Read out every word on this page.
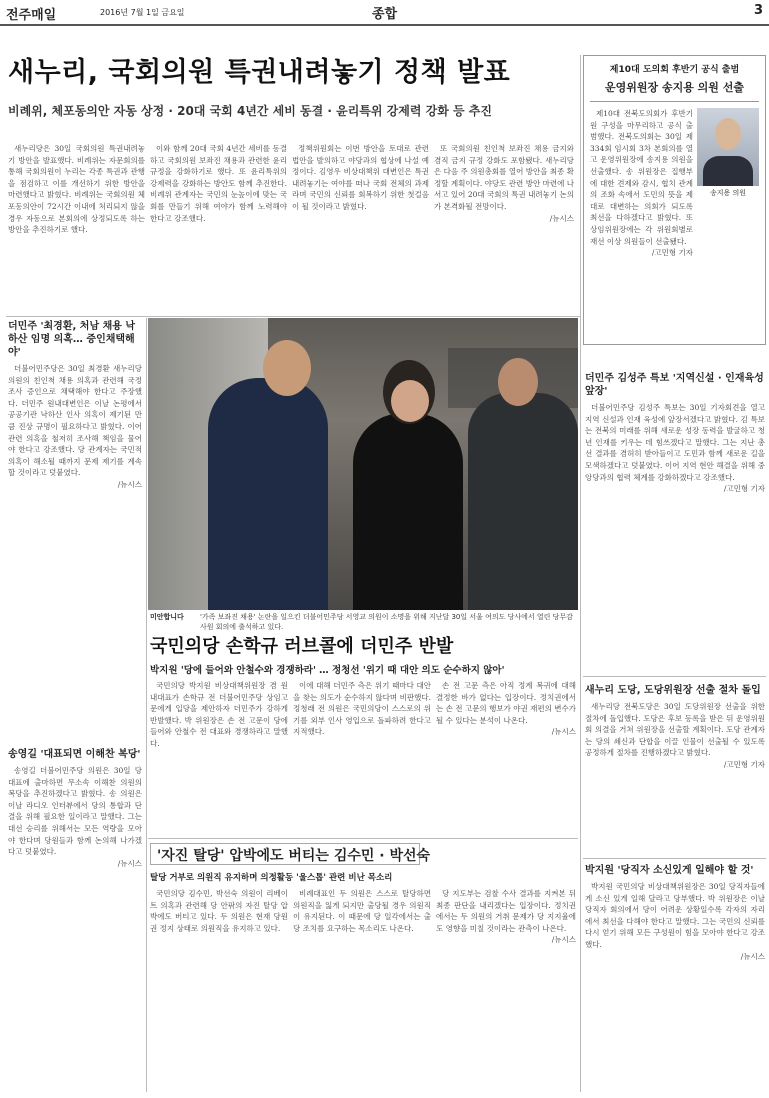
전주매일	2016년 7월 1일 금요일	종합	3
새누리, 국회의원 특권내려놓기 정책 발표
비례위, 체포동의안 자동 상정 · 20대 국회 4년간 세비 동결 · 윤리특위 강제력 강화 등 추진

새누리당은 30일 국회의원 특권내려놓기 방안을 발표했다. 비례위는 자문회의를 통해 국회의원이 누리는 각종 특권과 관행을 점검하고 이를 개선하기 위한 방안을 마련했다고 밝혔다. 비례위는 국회의원 체포동의안이 72시간 이내에 처리되지 않을 경우 자동으로 본회의에 상정되도록 하는 방안을 추진하기로 했다.

이와 함께 20대 국회 4년간 세비를 동결하고 국회의원 보좌진 채용과 관련한 윤리 규정을 강화하기로 했다. 또 윤리특위의 강제력을 강화하는 방안도 함께 추진한다. 비례위 관계자는 국민의 눈높이에 맞는 국회를 만들기 위해 여야가 함께 노력해야 한다고 강조했다.

정책위원회는 이번 방안을 토대로 관련 법안을 발의하고 야당과의 협상에 나설 예정이다. 김영우 비상대책위 대변인은 특권 내려놓기는 여야를 떠나 국회 전체의 과제라며 국민의 신뢰를 회복하기 위한 첫걸음이 될 것이라고 밝혔다.

또 국회의원 친인척 보좌진 채용 금지와 겸직 금지 규정 강화도 포함됐다. 새누리당은 다음 주 의원총회를 열어 방안을 최종 확정할 계획이다. 야당도 관련 방안 마련에 나서고 있어 20대 국회의 특권 내려놓기 논의가 본격화될 전망이다.

/뉴시스
제10대 도의회 후반기 공식 출범
운영위원장 송지용 의원 선출
송지용 의원

제10대 전북도의회가 후반기 원 구성을 마무리하고 공식 출범했다. 전북도의회는 30일 제334회 임시회 3차 본회의를 열고 운영위원장에 송지용 의원을 선출했다. 송 위원장은 집행부에 대한 견제와 감시, 협치 관계의 조화 속에서 도민의 뜻을 제대로 대변하는 의회가 되도록 최선을 다하겠다고 밝혔다. 또 상임위원장에는 각 위원회별로 재선 이상 의원들이 선출됐다.

/고민형 기자
더민주 '최경환, 처남 채용 낙하산 임명 의혹… 증인채택해야'

더불어민주당은 30일 최경환 새누리당 의원의 친인척 채용 의혹과 관련해 국정조사 증인으로 채택해야 한다고 주장했다. 더민주 원내대변인은 이날 논평에서 공공기관 낙하산 인사 의혹이 제기된 만큼 진상 규명이 필요하다고 밝혔다. 이어 관련 의혹을 철저히 조사해 책임을 물어야 한다고 강조했다. 당 관계자는 국민적 의혹이 해소될 때까지 문제 제기를 계속할 것이라고 덧붙였다.

/뉴시스
송영길 '대표되면 이해찬 복당'

송영길 더불어민주당 의원은 30일 당 대표에 출마하면 무소속 이해찬 의원의 복당을 추진하겠다고 밝혔다. 송 의원은 이날 라디오 인터뷰에서 당의 통합과 단결을 위해 필요한 일이라고 말했다. 그는 대선 승리를 위해서는 모든 역량을 모아야 한다며 당원들과 함께 논의해 나가겠다고 덧붙였다.

/뉴시스
미안합니다 '가족 보좌진 채용' 논란을 일으킨 더불어민주당 서영교 의원이 소명을 위해 지난달 30일 서울 여의도 당사에서 열린 당무감사원 회의에 출석하고 있다.
국민의당 손학규 러브콜에 더민주 반발
박지원 '당에 들어와 안철수와 경쟁하라' … 정청선 '위기 때 대안 의도 순수하지 않아'

국민의당 박지원 비상대책위원장 겸 원내대표가 손학규 전 더불어민주당 상임고문에게 입당을 제안하자 더민주가 강하게 반발했다. 박 위원장은 손 전 고문이 당에 들어와 안철수 전 대표와 경쟁하라고 말했다.

이에 대해 더민주 측은 위기 때마다 대안을 찾는 의도가 순수하지 않다며 비판했다. 정청래 전 의원은 국민의당이 스스로의 위기를 외부 인사 영입으로 돌파하려 한다고 지적했다.

손 전 고문 측은 아직 정계 복귀에 대해 결정한 바가 없다는 입장이다. 정치권에서는 손 전 고문의 행보가 야권 재편의 변수가 될 수 있다는 분석이 나온다.

/뉴시스
'자진 탈당' 압박에도 버티는 김수민 · 박선숙
탈당 거부로 의원직 유지하며 의정활동 '울스톱' 관련 비난 목소리

국민의당 김수민, 박선숙 의원이 리베이트 의혹과 관련해 당 안팎의 자진 탈당 압박에도 버티고 있다. 두 의원은 현재 당원권 정지 상태로 의원직을 유지하고 있다.

비례대표인 두 의원은 스스로 탈당하면 의원직을 잃게 되지만 출당될 경우 의원직이 유지된다. 이 때문에 당 일각에서는 출당 조치를 요구하는 목소리도 나온다.

당 지도부는 검찰 수사 결과를 지켜본 뒤 최종 판단을 내리겠다는 입장이다. 정치권에서는 두 의원의 거취 문제가 당 지지율에도 영향을 미칠 것이라는 관측이 나온다.

/뉴시스
더민주 김성주 특보 '지역신설 · 인재육성 앞장'

더불어민주당 김성주 특보는 30일 기자회견을 열고 지역 신설과 인재 육성에 앞장서겠다고 밝혔다. 김 특보는 전북의 미래를 위해 새로운 성장 동력을 발굴하고 청년 인재를 키우는 데 힘쓰겠다고 말했다. 그는 지난 총선 결과를 겸허히 받아들이고 도민과 함께 새로운 길을 모색하겠다고 덧붙였다. 이어 지역 현안 해결을 위해 중앙당과의 협력 체계를 강화하겠다고 강조했다.

/고민형 기자
새누리 도당, 도당위원장 선출 절차 돌입

새누리당 전북도당은 30일 도당위원장 선출을 위한 절차에 돌입했다. 도당은 후보 등록을 받은 뒤 운영위원회 의결을 거쳐 위원장을 선출할 계획이다. 도당 관계자는 당의 쇄신과 단합을 이끌 인물이 선출될 수 있도록 공정하게 절차를 진행하겠다고 밝혔다.

/고민형 기자
박지원 '당직자 소신있게 일해야 할 것'

박지원 국민의당 비상대책위원장은 30일 당직자들에게 소신 있게 일해 달라고 당부했다. 박 위원장은 이날 당직자 회의에서 당이 어려운 상황일수록 각자의 자리에서 최선을 다해야 한다고 말했다. 그는 국민의 신뢰를 다시 얻기 위해 모든 구성원이 힘을 모아야 한다고 강조했다.

/뉴시스
